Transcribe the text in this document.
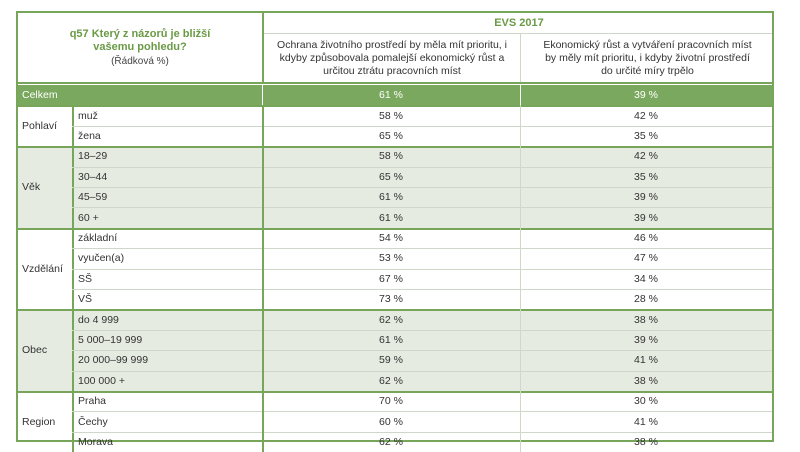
q57 Který z názorů je bližší vašemu pohledu?
(Řádková %)
EVS 2017
Ochrana životního prostředí by měla mít prioritu, i kdyby způsobovala pomalejší ekonomický růst a určitou ztrátu pracovních míst
Ekonomický růst a vytváření pracovních míst by měly mít prioritu, i kdyby životní prostředí do určité míry trpělo
Celkem	61 %	39 %
Pohlaví
muž	58 %	42 %
žena	65 %	35 %
Věk
18–29	58 %	42 %
30–44	65 %	35 %
45–59	61 %	39 %
60 +	61 %	39 %
Vzdělání
základní	54 %	46 %
vyučen(a)	53 %	47 %
SŠ	67 %	34 %
VŠ	73 %	28 %
Obec
do 4 999	62 %	38 %
5 000–19 999	61 %	39 %
20 000–99 999	59 %	41 %
100 000 +	62 %	38 %
Region
Praha	70 %	30 %
Čechy	60 %	41 %
Morava	62 %	38 %
